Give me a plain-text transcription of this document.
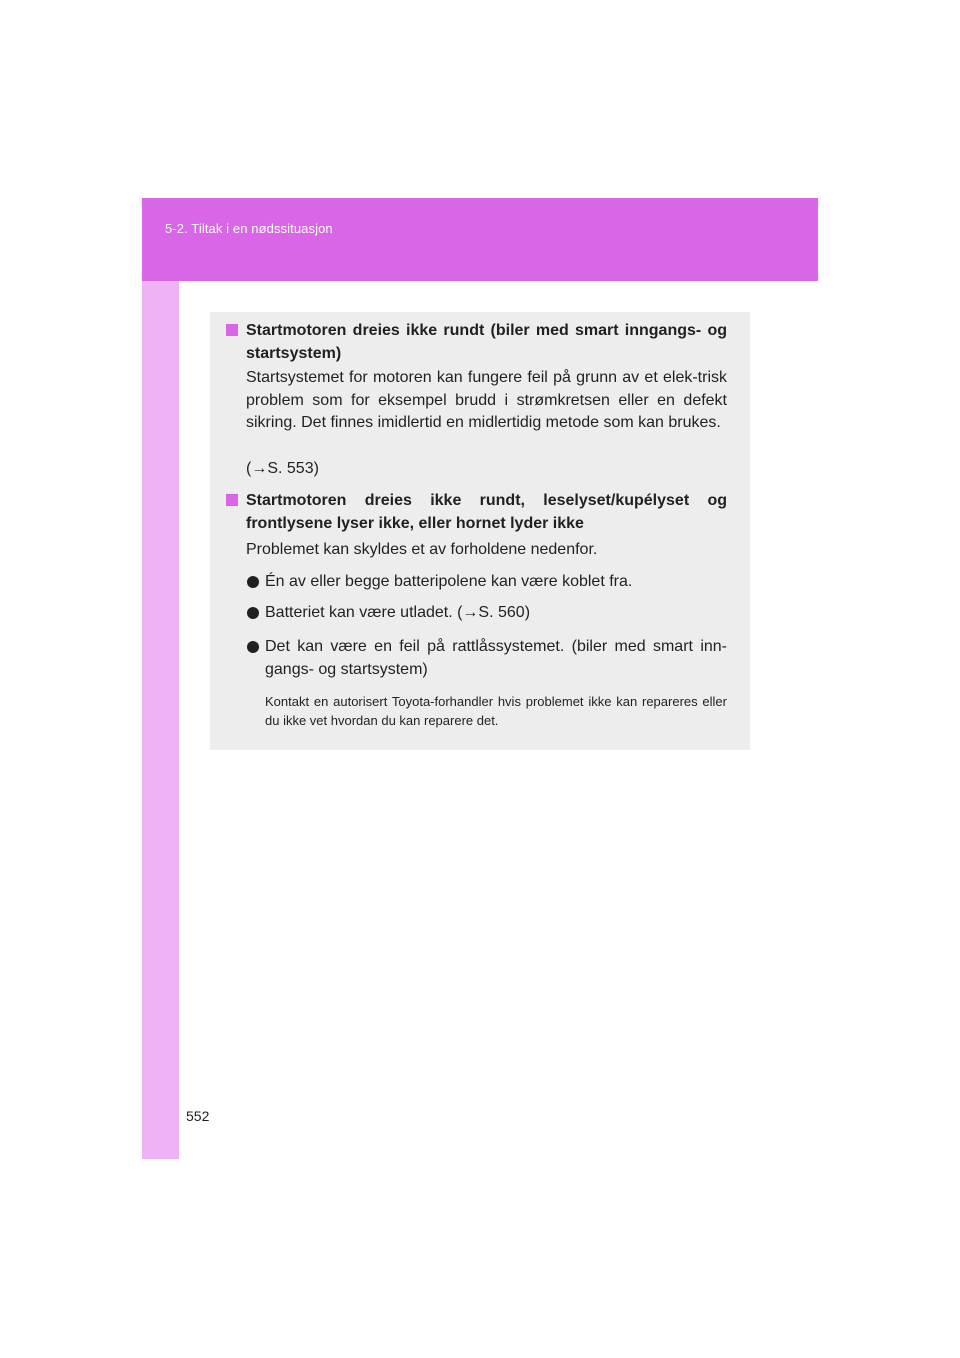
5-2. Tiltak i en nødssituasjon
Startmotoren dreies ikke rundt (biler med smart inngangs- og startsystem)
Startsystemet for motoren kan fungere feil på grunn av et elek-trisk problem som for eksempel brudd i strømkretsen eller en defekt sikring. Det finnes imidlertid en midlertidig metode som kan brukes.
(→S. 553)
Startmotoren dreies ikke rundt, leselyset/kupélyset og frontlysene lyser ikke, eller hornet lyder ikke
Problemet kan skyldes et av forholdene nedenfor.
Én av eller begge batteripolene kan være koblet fra.
Batteriet kan være utladet. (→S. 560)
Det kan være en feil på rattlåssystemet. (biler med smart inn-gangs- og startsystem)
Kontakt en autorisert Toyota-forhandler hvis problemet ikke kan repareres eller du ikke vet hvordan du kan reparere det.
552
